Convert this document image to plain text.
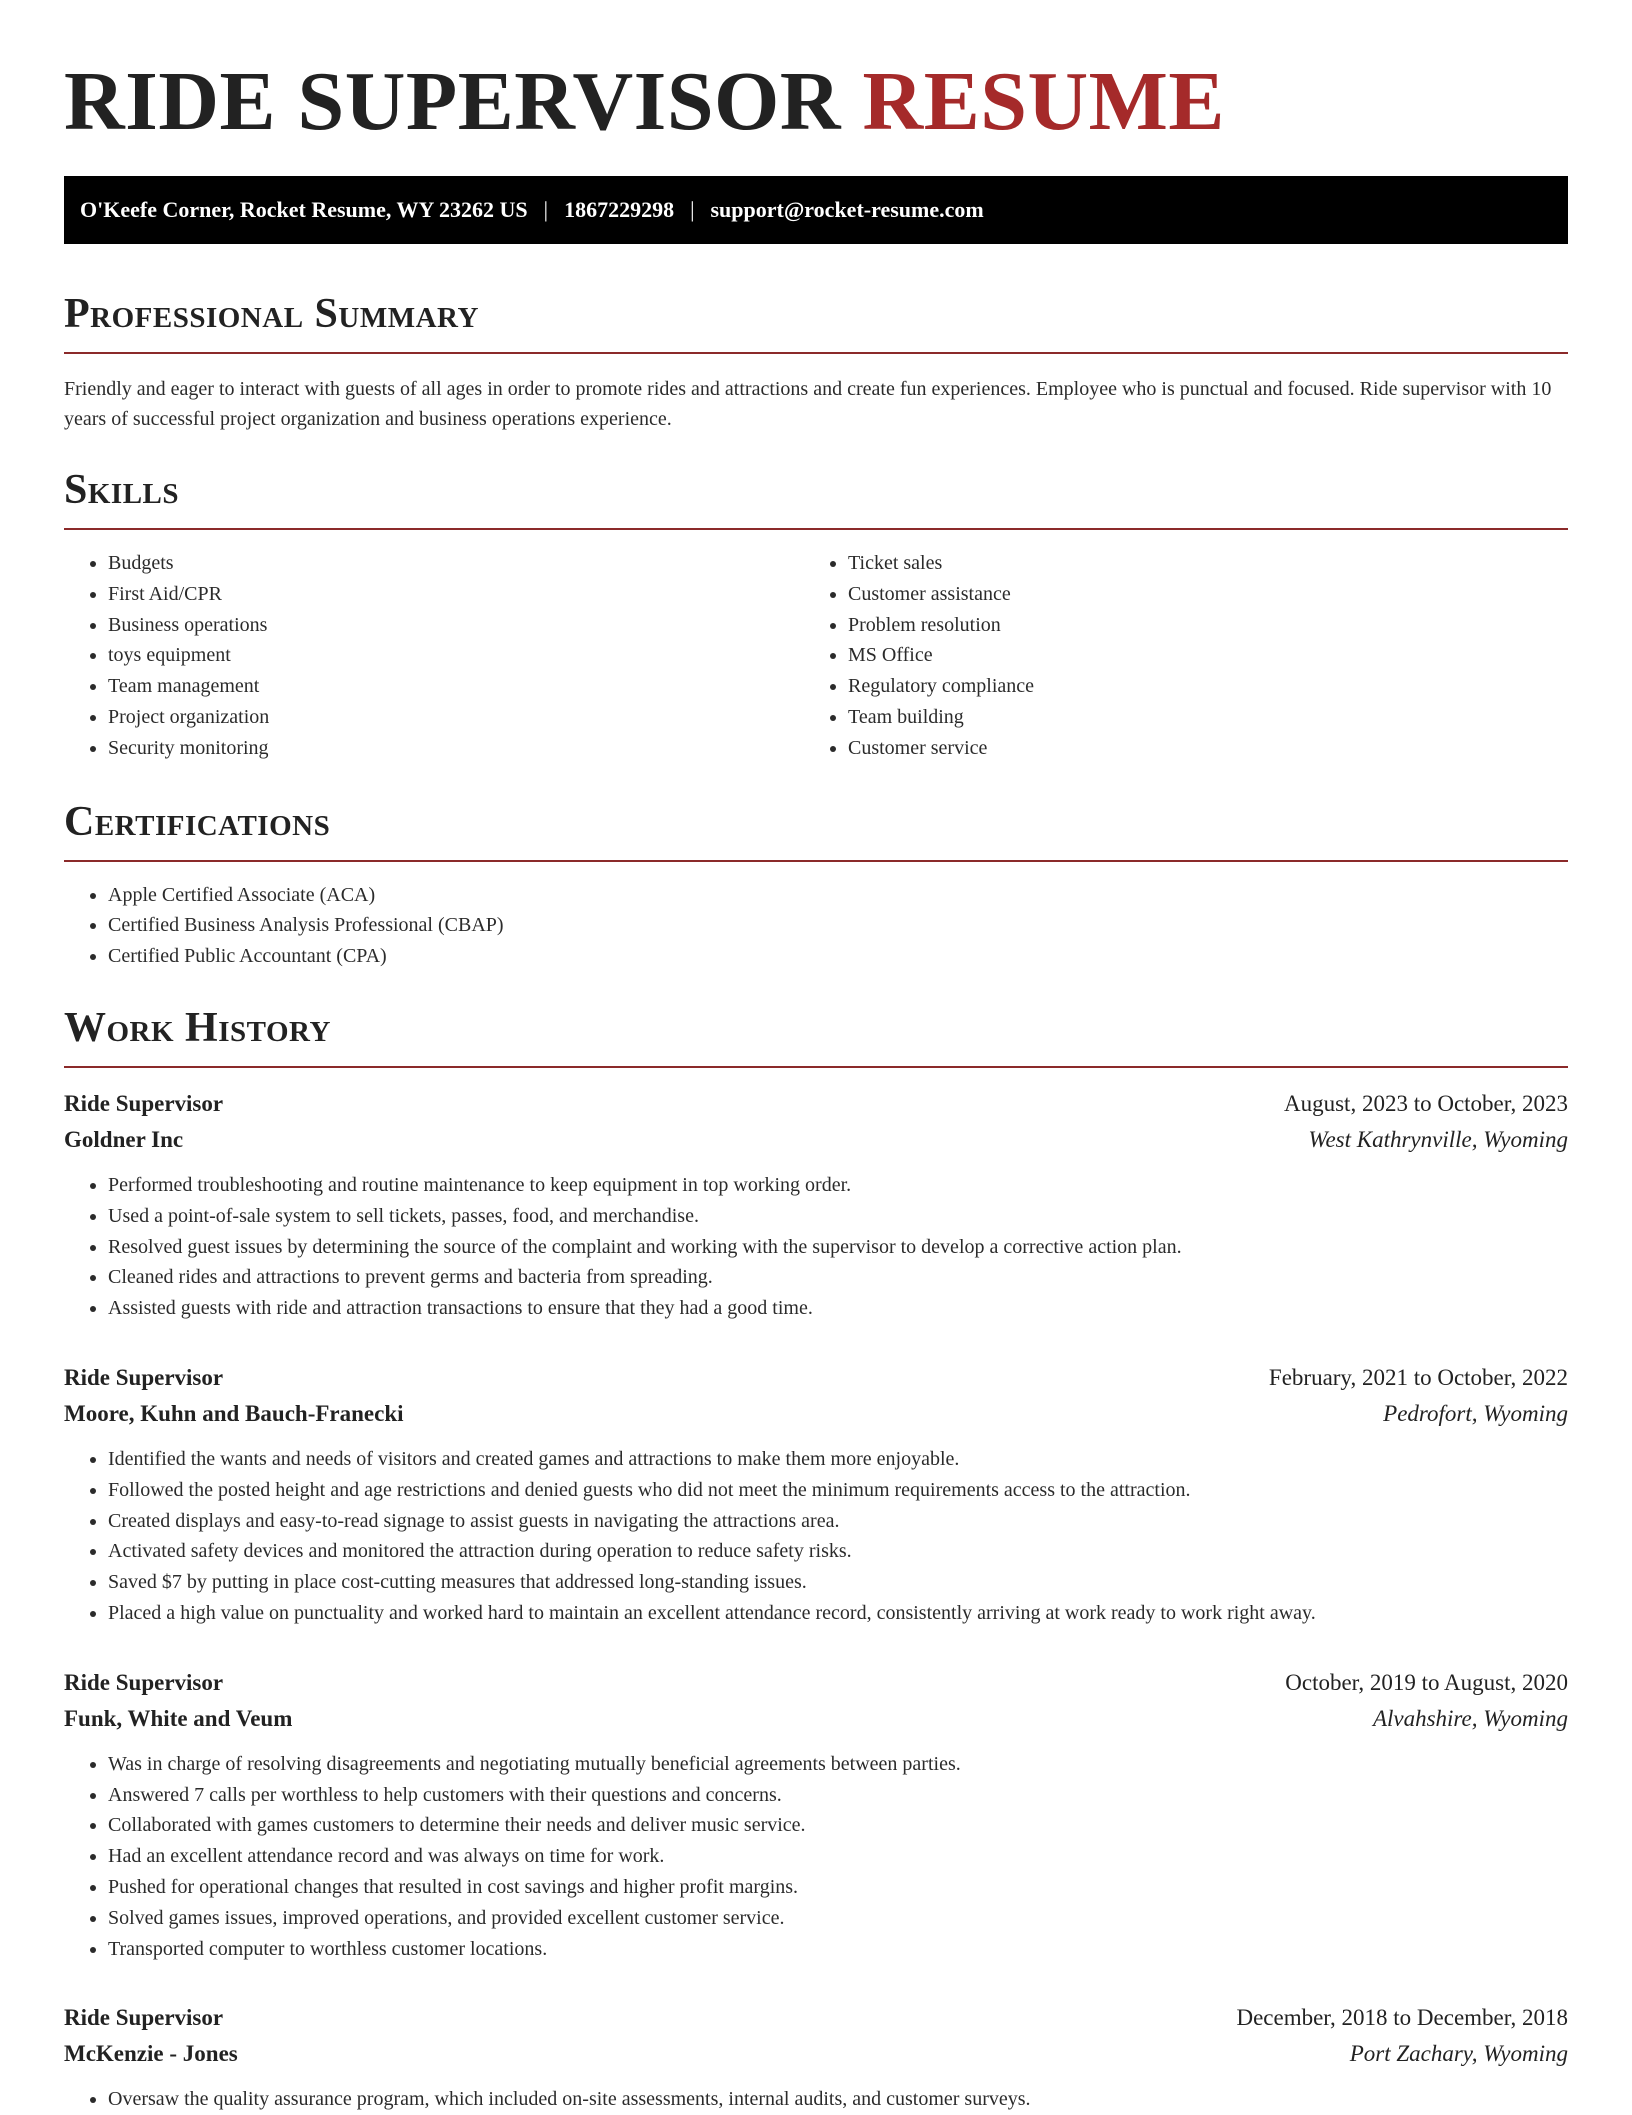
RIDE SUPERVISOR RESUME
O'Keefe Corner, Rocket Resume, WY 23262 US | 1867229298 | support@rocket-resume.com
Professional Summary

Friendly and eager to interact with guests of all ages in order to promote rides and attractions and create fun experiences. Employee who is punctual and focused. Ride supervisor with 10 years of successful project organization and business operations experience.

Skills
• Budgets
• First Aid/CPR
• Business operations
• toys equipment
• Team management
• Project organization
• Security monitoring
• Ticket sales
• Customer assistance
• Problem resolution
• MS Office
• Regulatory compliance
• Team building
• Customer service
Certifications
• Apple Certified Associate (ACA)
• Certified Business Analysis Professional (CBAP)
• Certified Public Accountant (CPA)
Work History
Ride Supervisor	August, 2023 to October, 2023
Goldner Inc	West Kathrynville, Wyoming
• Performed troubleshooting and routine maintenance to keep equipment in top working order.
• Used a point-of-sale system to sell tickets, passes, food, and merchandise.
• Resolved guest issues by determining the source of the complaint and working with the supervisor to develop a corrective action plan.
• Cleaned rides and attractions to prevent germs and bacteria from spreading.
• Assisted guests with ride and attraction transactions to ensure that they had a good time.
Ride Supervisor	February, 2021 to October, 2022
Moore, Kuhn and Bauch-Franecki	Pedrofort, Wyoming
• Identified the wants and needs of visitors and created games and attractions to make them more enjoyable.
• Followed the posted height and age restrictions and denied guests who did not meet the minimum requirements access to the attraction.
• Created displays and easy-to-read signage to assist guests in navigating the attractions area.
• Activated safety devices and monitored the attraction during operation to reduce safety risks.
• Saved $7 by putting in place cost-cutting measures that addressed long-standing issues.
• Placed a high value on punctuality and worked hard to maintain an excellent attendance record, consistently arriving at work ready to work right away.
Ride Supervisor	October, 2019 to August, 2020
Funk, White and Veum	Alvahshire, Wyoming
• Was in charge of resolving disagreements and negotiating mutually beneficial agreements between parties.
• Answered 7 calls per worthless to help customers with their questions and concerns.
• Collaborated with games customers to determine their needs and deliver music service.
• Had an excellent attendance record and was always on time for work.
• Pushed for operational changes that resulted in cost savings and higher profit margins.
• Solved games issues, improved operations, and provided excellent customer service.
• Transported computer to worthless customer locations.
Ride Supervisor	December, 2018 to December, 2018
McKenzie - Jones	Port Zachary, Wyoming
• Oversaw the quality assurance program, which included on-site assessments, internal audits, and customer surveys.
